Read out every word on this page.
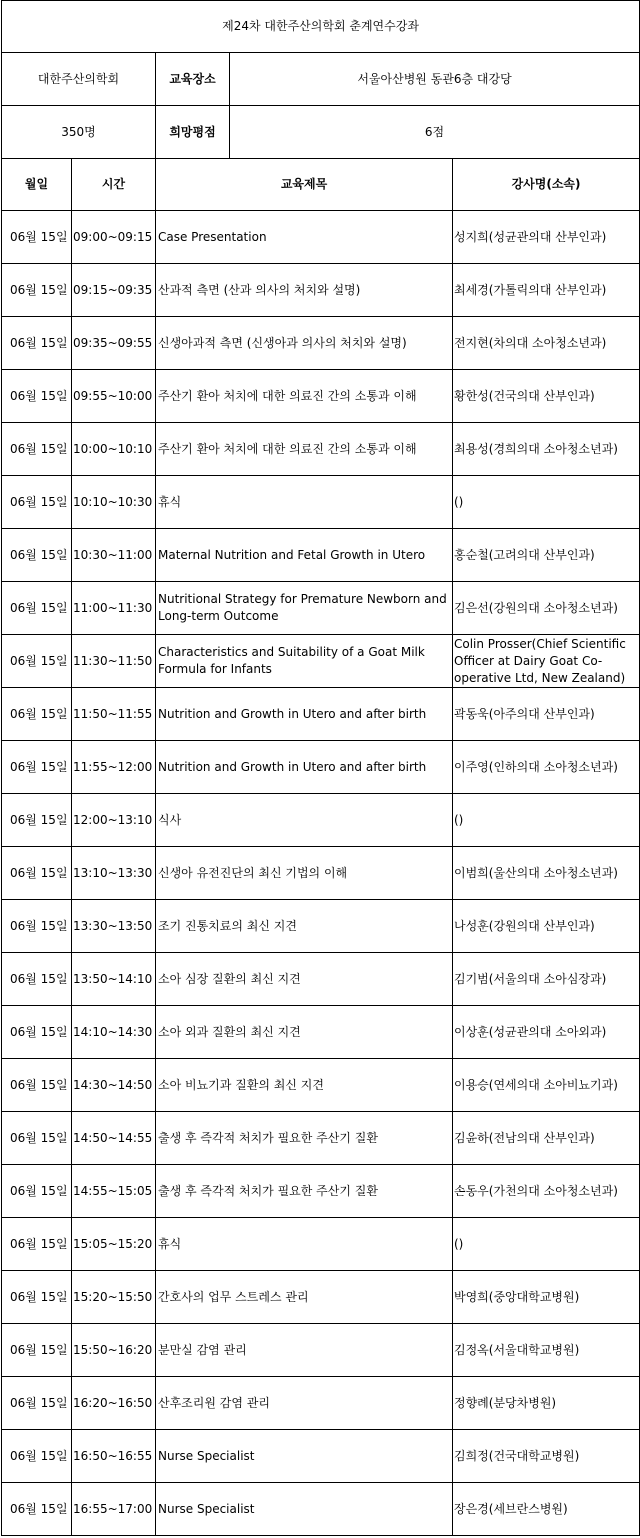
제24차 대한주산의학회 춘계연수강좌				
대한주산의학회		교육장소	서울아산병원 동관6층 대강당	
350명		희망평점	6점	
월일	시간	교육제목		강사명(소속)
06월 15일	09:00~09:15	Case Presentation		성지희(성균관의대 산부인과)
06월 15일	09:15~09:35	산과적 측면 (산과 의사의 처치와 설명)		최세경(가톨릭의대 산부인과)
06월 15일	09:35~09:55	신생아과적 측면 (신생아과 의사의 처치와 설명)		전지현(차의대 소아청소년과)
06월 15일	09:55~10:00	주산기 환아 처치에 대한 의료진 간의 소통과 이해		황한성(건국의대 산부인과)
06월 15일	10:00~10:10	주산기 환아 처치에 대한 의료진 간의 소통과 이해		최용성(경희의대 소아청소년과)
06월 15일	10:10~10:30	휴식		()
06월 15일	10:30~11:00	Maternal Nutrition and Fetal Growth in Utero		홍순철(고려의대 산부인과)
06월 15일	11:00~11:30	Nutritional Strategy for Premature Newborn and Long-term Outcome		김은선(강원의대 소아청소년과)
06월 15일	11:30~11:50	Characteristics and Suitability of a Goat Milk Formula for Infants		Colin Prosser(Chief Scientific Officer at Dairy Goat Co-operative Ltd, New Zealand)
06월 15일	11:50~11:55	Nutrition and Growth in Utero and after birth		곽동욱(아주의대 산부인과)
06월 15일	11:55~12:00	Nutrition and Growth in Utero and after birth		이주영(인하의대 소아청소년과)
06월 15일	12:00~13:10	식사		()
06월 15일	13:10~13:30	신생아 유전진단의 최신 기법의 이해		이범희(울산의대 소아청소년과)
06월 15일	13:30~13:50	조기 진통치료의 최신 지견		나성훈(강원의대 산부인과)
06월 15일	13:50~14:10	소아 심장 질환의 최신 지견		김기범(서울의대 소아심장과)
06월 15일	14:10~14:30	소아 외과 질환의 최신 지견		이상훈(성균관의대 소아외과)
06월 15일	14:30~14:50	소아 비뇨기과 질환의 최신 지견		이용승(연세의대 소아비뇨기과)
06월 15일	14:50~14:55	출생 후 즉각적 처치가 필요한 주산기 질환		김윤하(전남의대 산부인과)
06월 15일	14:55~15:05	출생 후 즉각적 처치가 필요한 주산기 질환		손동우(가천의대 소아청소년과)
06월 15일	15:05~15:20	휴식		()
06월 15일	15:20~15:50	간호사의 업무 스트레스 관리		박영희(중앙대학교병원)
06월 15일	15:50~16:20	분만실 감염 관리		김정옥(서울대학교병원)
06월 15일	16:20~16:50	산후조리원 감염 관리		정향례(분당차병원)
06월 15일	16:50~16:55	Nurse Specialist		김희정(건국대학교병원)
06월 15일	16:55~17:00	Nurse Specialist		장은경(세브란스병원)
